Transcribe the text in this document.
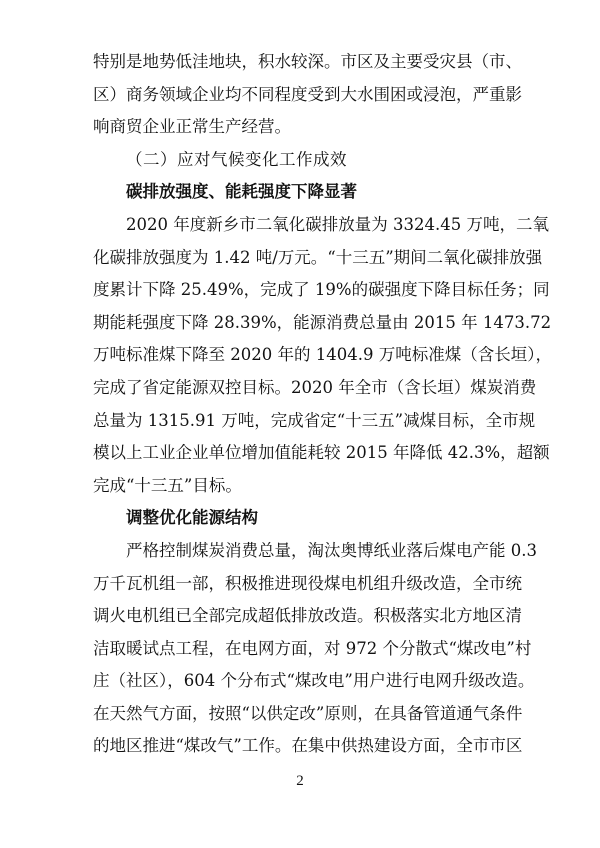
特别是地势低洼地块，积水较深。市区及主要受灾县（市、
区）商务领域企业均不同程度受到大水围困或浸泡，严重影
响商贸企业正常生产经营。
（二）应对气候变化工作成效
碳排放强度、能耗强度下降显著
2020 年度新乡市二氧化碳排放量为 3324.45 万吨，二氧
化碳排放强度为 1.42 吨/万元。“十三五”期间二氧化碳排放强
度累计下降 25.49%，完成了 19%的碳强度下降目标任务；同
期能耗强度下降 28.39%，能源消费总量由 2015 年 1473.72
万吨标准煤下降至 2020 年的 1404.9 万吨标准煤（含长垣），
完成了省定能源双控目标。2020 年全市（含长垣）煤炭消费
总量为 1315.91 万吨，完成省定“十三五”减煤目标，全市规
模以上工业企业单位增加值能耗较 2015 年降低 42.3%，超额
完成“十三五”目标。
调整优化能源结构
严格控制煤炭消费总量，淘汰奥博纸业落后煤电产能 0.3
万千瓦机组一部，积极推进现役煤电机组升级改造，全市统
调火电机组已全部完成超低排放改造。积极落实北方地区清
洁取暖试点工程，在电网方面，对 972 个分散式“煤改电”村
庄（社区），604 个分布式“煤改电”用户进行电网升级改造。
在天然气方面，按照“以供定改”原则，在具备管道通气条件
的地区推进“煤改气”工作。在集中供热建设方面，全市市区
2
